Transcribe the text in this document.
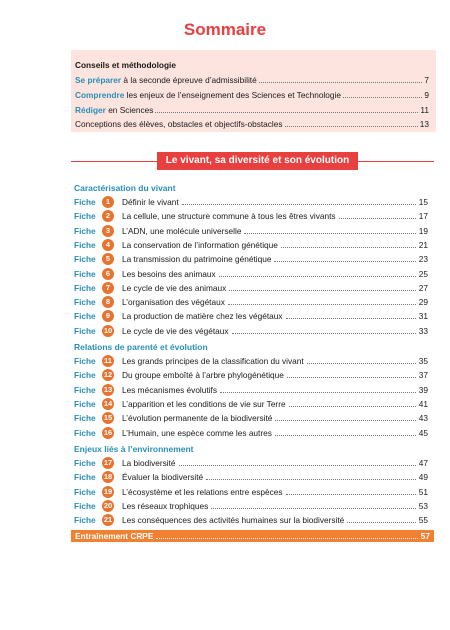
Sommaire
Conseils et méthodologie
Se préparer à la seconde épreuve d’admissibilité	7
Comprendre les enjeux de l’enseignement des Sciences et Technologie	9
Rédiger en Sciences	11
Conceptions des élèves, obstacles et objectifs-obstacles	13
Le vivant, sa diversité et son évolution
Caractérisation du vivant
Fiche	1	Définir le vivant	15
Fiche	2	La cellule, une structure commune à tous les êtres vivants	17
Fiche	3	L’ADN, une molécule universelle	19
Fiche	4	La conservation de l’information génétique	21
Fiche	5	La transmission du patrimoine génétique	23
Fiche	6	Les besoins des animaux	25
Fiche	7	Le cycle de vie des animaux	27
Fiche	8	L’organisation des végétaux	29
Fiche	9	La production de matière chez les végétaux	31
Fiche	10 Le cycle de vie des végétaux	33
Relations de parenté et évolution
Fiche	11 Les grands principes de la classification du vivant	35
Fiche	12 Du groupe emboîté à l’arbre phylogénétique	37
Fiche	13 Les mécanismes évolutifs	39
Fiche	14 L’apparition et les conditions de vie sur Terre	41
Fiche	15 L’évolution permanente de la biodiversité	43
Fiche	16 L’Humain, une espèce comme les autres	45
Enjeux liés à l’environnement
Fiche	17 La biodiversité	47
Fiche	18 Évaluer la biodiversité	49
Fiche	19 L’écosystème et les relations entre espèces	51
Fiche	20 Les réseaux trophiques	53
Fiche	21 Les conséquences des activités humaines sur la biodiversité	55
Entraînement CRPE	57
